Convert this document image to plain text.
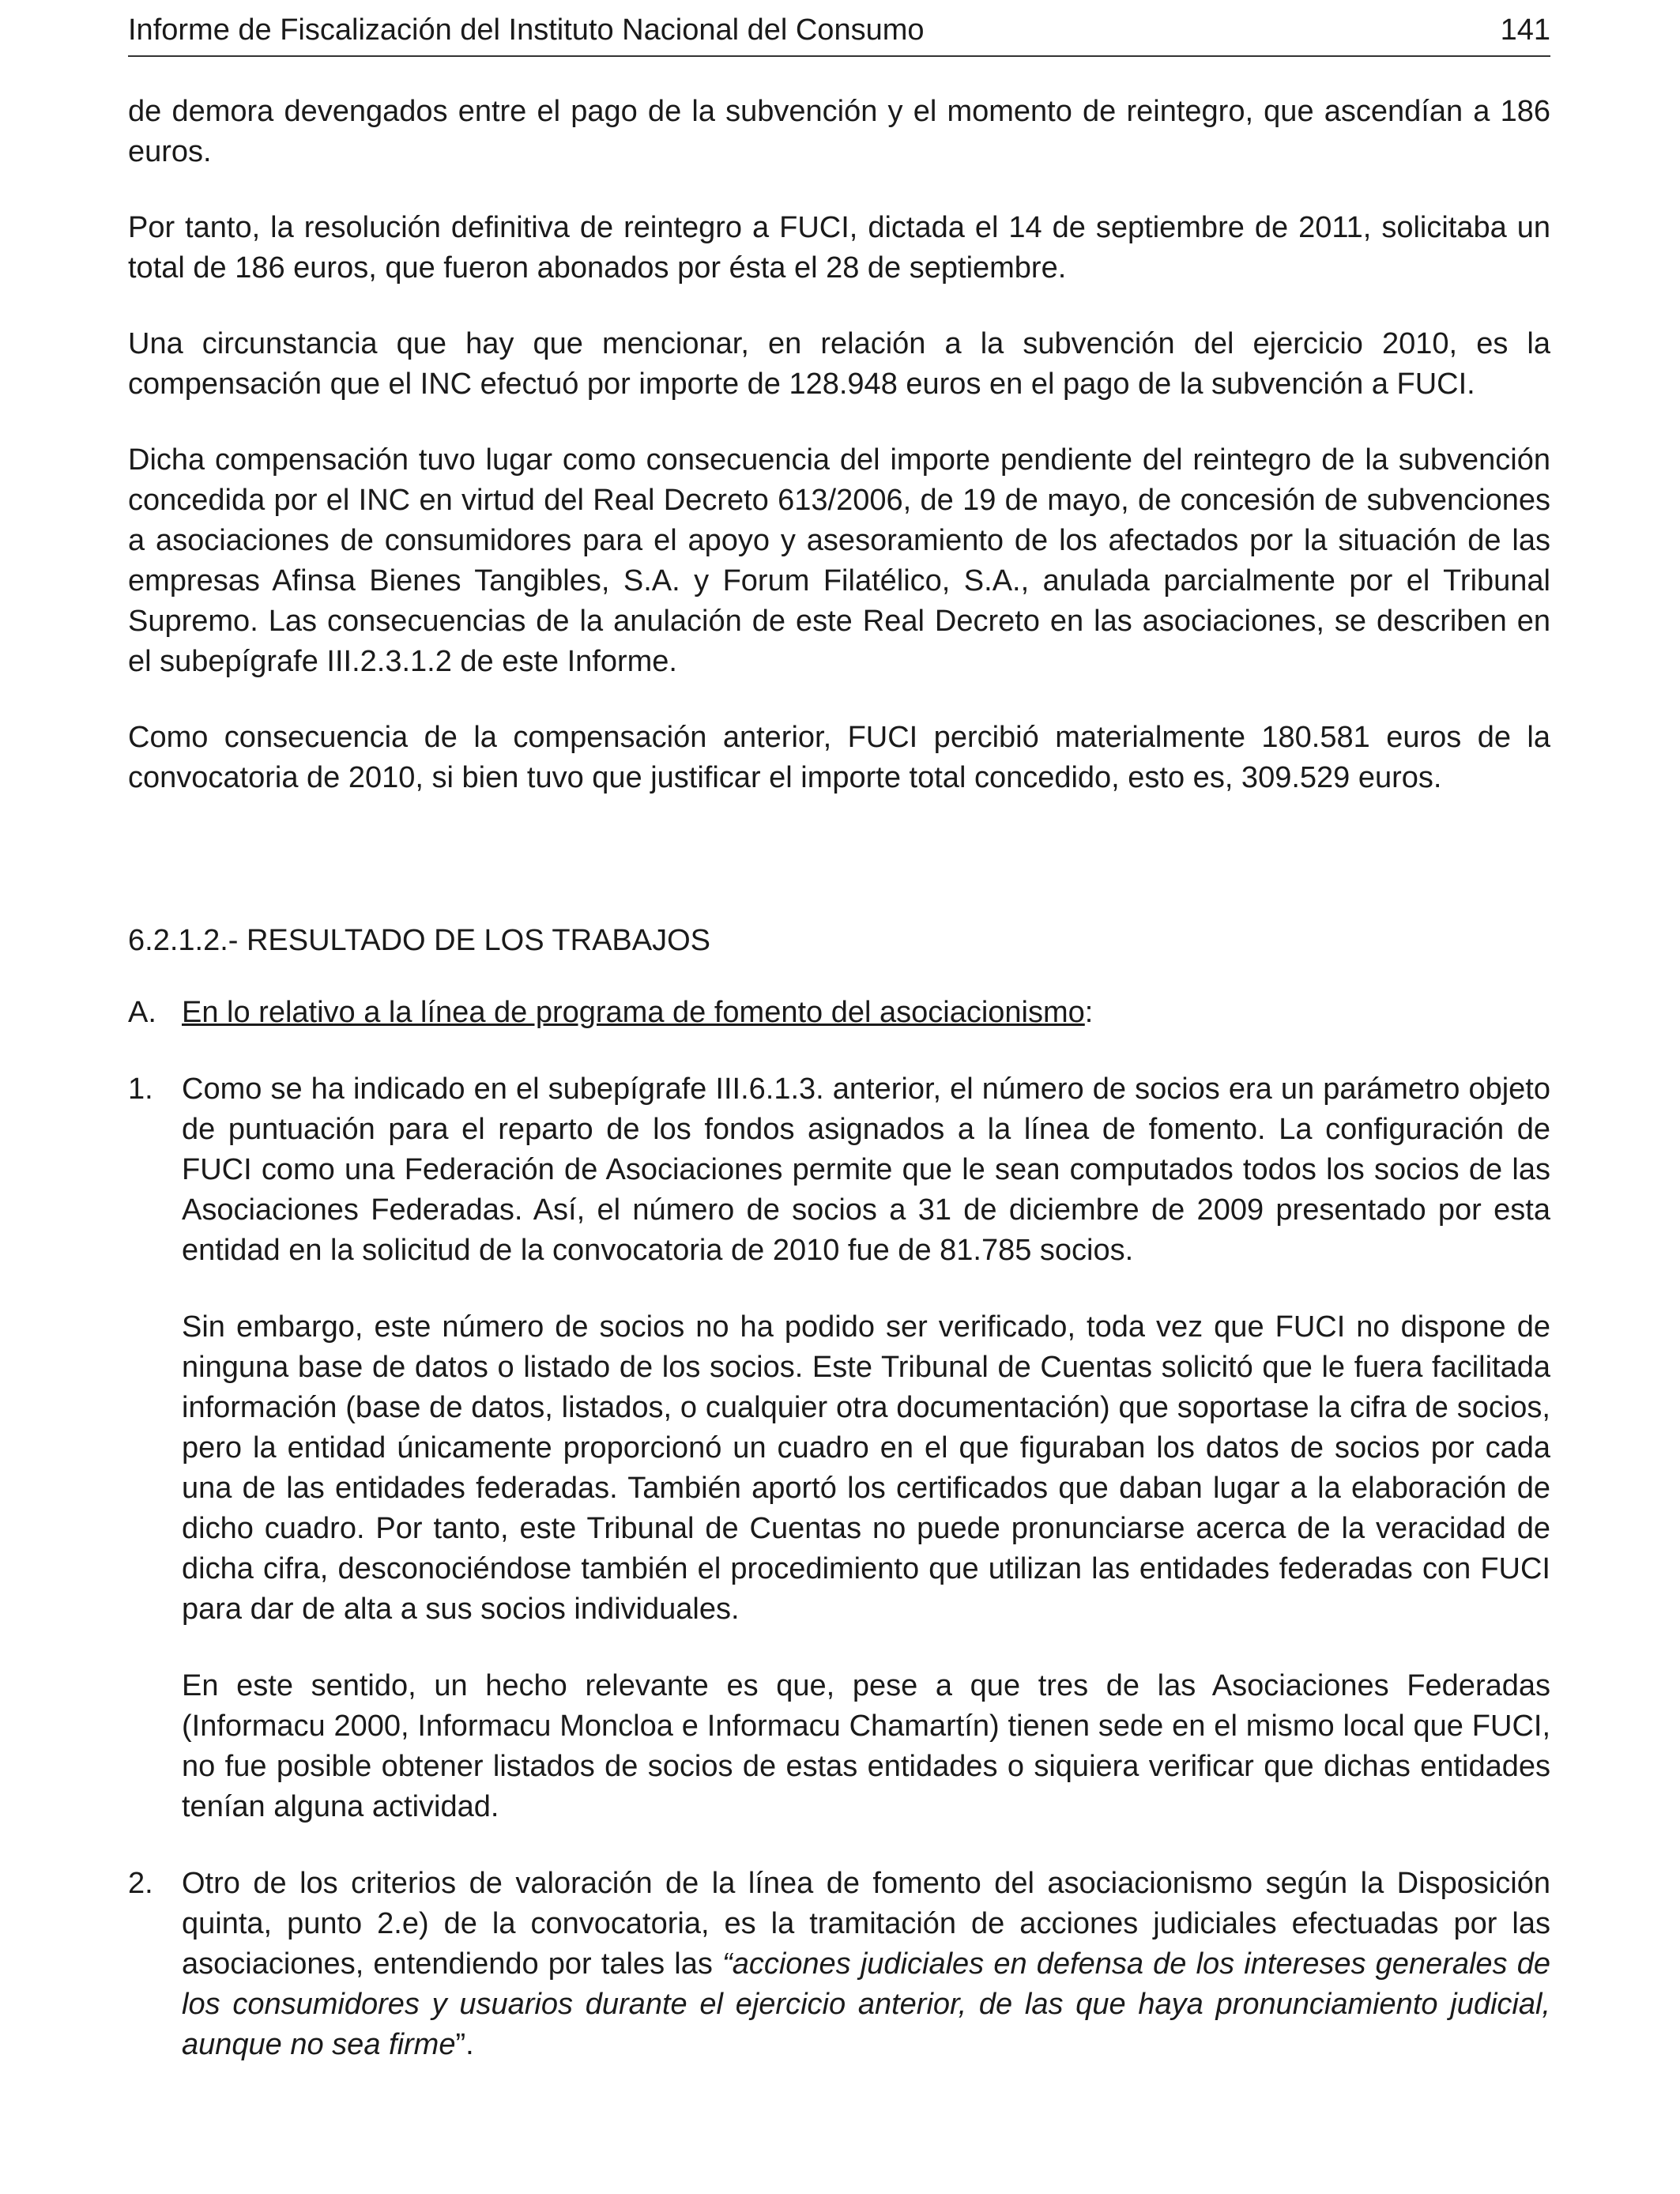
Informe de Fiscalización del Instituto Nacional del Consumo	141

de demora devengados entre el pago de la subvención y el momento de reintegro, que ascendían a 186 euros.

Por tanto, la resolución definitiva de reintegro a FUCI, dictada el 14 de septiembre de 2011, solicitaba un total de 186 euros, que fueron abonados por ésta el 28 de septiembre.

Una circunstancia que hay que mencionar, en relación a la subvención del ejercicio 2010, es la compensación que el INC efectuó por importe de 128.948 euros en el pago de la subvención a FUCI.

Dicha compensación tuvo lugar como consecuencia del importe pendiente del reintegro de la subvención concedida por el INC en virtud del Real Decreto 613/2006, de 19 de mayo, de concesión de subvenciones a asociaciones de consumidores para el apoyo y asesoramiento de los afectados por la situación de las empresas Afinsa Bienes Tangibles, S.A. y Forum Filatélico, S.A., anulada parcialmente por el Tribunal Supremo. Las consecuencias de la anulación de este Real Decreto en las asociaciones, se describen en el subepígrafe III.2.3.1.2 de este Informe.

Como consecuencia de la compensación anterior, FUCI percibió materialmente 180.581 euros de la convocatoria de 2010, si bien tuvo que justificar el importe total concedido, esto es, 309.529 euros.

6.2.1.2.- RESULTADO DE LOS TRABAJOS

A. En lo relativo a la línea de programa de fomento del asociacionismo:

1. Como se ha indicado en el subepígrafe III.6.1.3. anterior, el número de socios era un parámetro objeto de puntuación para el reparto de los fondos asignados a la línea de fomento. La configuración de FUCI como una Federación de Asociaciones permite que le sean computados todos los socios de las Asociaciones Federadas. Así, el número de socios a 31 de diciembre de 2009 presentado por esta entidad en la solicitud de la convocatoria de 2010 fue de 81.785 socios.

Sin embargo, este número de socios no ha podido ser verificado, toda vez que FUCI no dispone de ninguna base de datos o listado de los socios. Este Tribunal de Cuentas solicitó que le fuera facilitada información (base de datos, listados, o cualquier otra documentación) que soportase la cifra de socios, pero la entidad únicamente proporcionó un cuadro en el que figuraban los datos de socios por cada una de las entidades federadas. También aportó los certificados que daban lugar a la elaboración de dicho cuadro. Por tanto, este Tribunal de Cuentas no puede pronunciarse acerca de la veracidad de dicha cifra, desconociéndose también el procedimiento que utilizan las entidades federadas con FUCI para dar de alta a sus socios individuales.

En este sentido, un hecho relevante es que, pese a que tres de las Asociaciones Federadas (Informacu 2000, Informacu Moncloa e Informacu Chamartín) tienen sede en el mismo local que FUCI, no fue posible obtener listados de socios de estas entidades o siquiera verificar que dichas entidades tenían alguna actividad.

2. Otro de los criterios de valoración de la línea de fomento del asociacionismo según la Disposición quinta, punto 2.e) de la convocatoria, es la tramitación de acciones judiciales efectuadas por las asociaciones, entendiendo por tales las “acciones judiciales en defensa de los intereses generales de los consumidores y usuarios durante el ejercicio anterior, de las que haya pronunciamiento judicial, aunque no sea firme”.
